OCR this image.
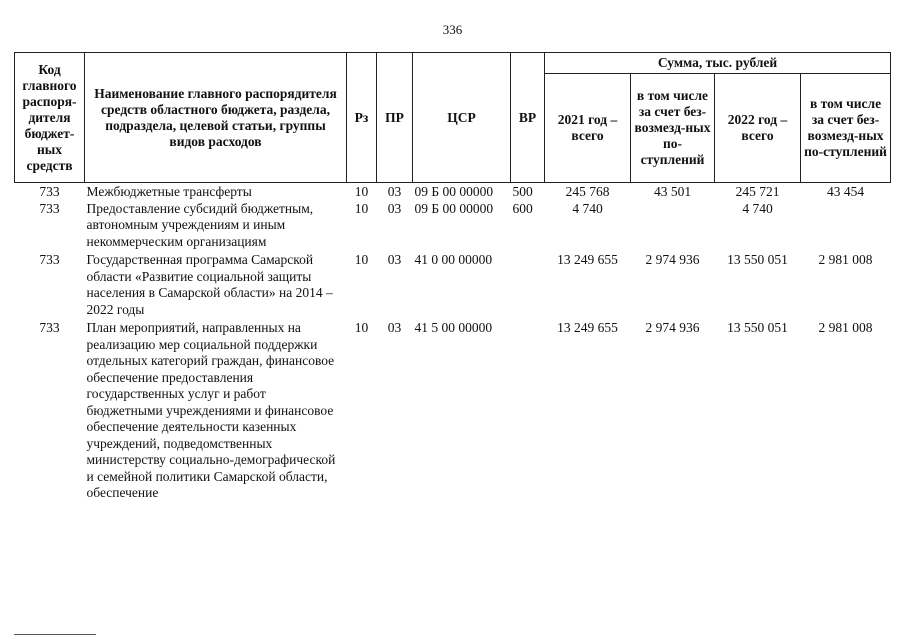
336
Код главного распоря-дителя бюджет-ных средств	Наименование главного распорядителя средств областного бюджета, раздела, подраздела, целевой статьи, группы видов расходов	Рз	ПР	ЦСР	ВР	Сумма, тыс. рублей			
						2021 год – всего	в том числе за счет без-возмезд-ных по-ступлений	2022 год – всего	в том числе за счет без-возмезд-ных по-ступлений
733	Межбюджетные трансферты	10	03	09 Б 00 00000	500	245 768	43 501	245 721	43 454
733	Предоставление субсидий бюджетным, автономным учреждениям и иным некоммерческим организациям	10	03	09 Б 00 00000	600	4 740		4 740	
733	Государственная программа Самарской области «Развитие социальной защиты населения в Самарской области» на 2014 – 2022 годы	10	03	41 0 00 00000		13 249 655	2 974 936	13 550 051	2 981 008
733	План мероприятий, направленных на реализацию мер социальной поддержки отдельных категорий граждан, финансовое обеспечение предоставления государственных услуг и работ бюджетными учреждениями и финансовое обеспечение деятельности казенных учреждений, подведомственных министерству социально-демографической и семейной политики Самарской области, обеспечение	10	03	41 5 00 00000		13 249 655	2 974 936	13 550 051	2 981 008
